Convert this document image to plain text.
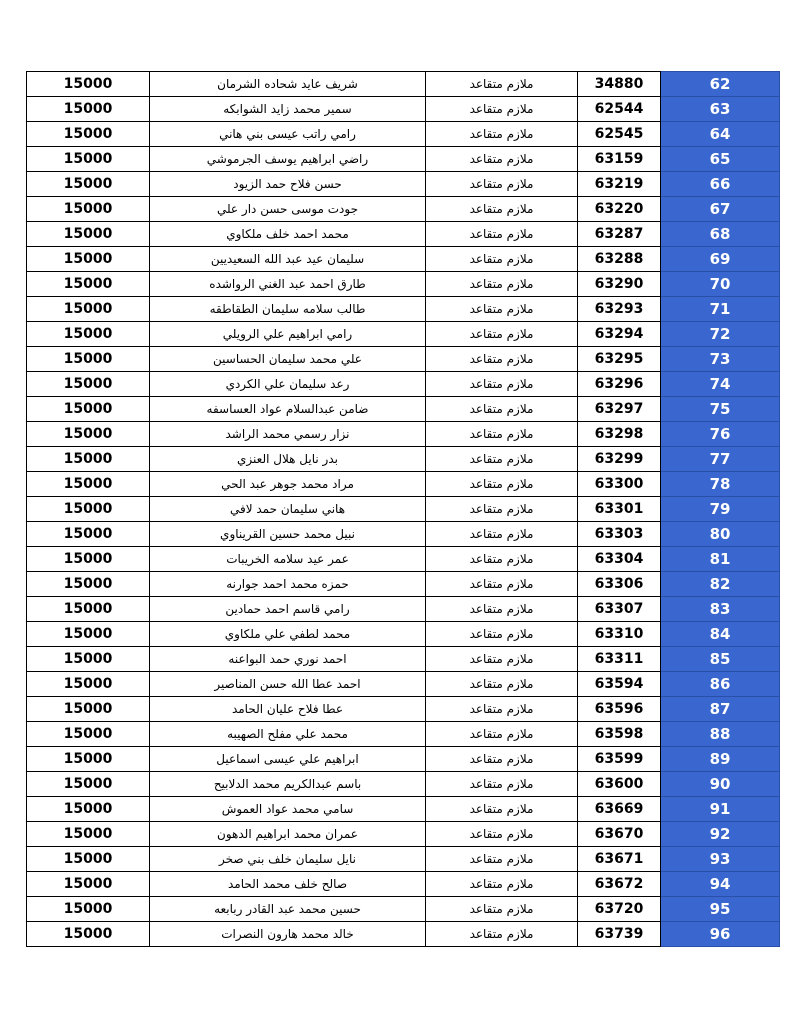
15000	شريف عايد شحاده الشرمان	ملازم متقاعد	34880	62
15000	سمير محمد زايد الشوابكه	ملازم متقاعد	62544	63
15000	رامي راتب عيسى بني هاني	ملازم متقاعد	62545	64
15000	راضي ابراهيم يوسف الجرموشي	ملازم متقاعد	63159	65
15000	حسن فلاح حمد الزيود	ملازم متقاعد	63219	66
15000	جودت موسى حسن دار علي	ملازم متقاعد	63220	67
15000	محمد احمد خلف ملكاوي	ملازم متقاعد	63287	68
15000	سليمان عيد عبد الله السعيديين	ملازم متقاعد	63288	69
15000	طارق احمد عبد الغني الرواشده	ملازم متقاعد	63290	70
15000	طالب سلامه سليمان الطقاطقه	ملازم متقاعد	63293	71
15000	رامي ابراهيم علي الرويلي	ملازم متقاعد	63294	72
15000	علي محمد سليمان الحساسين	ملازم متقاعد	63295	73
15000	رعد سليمان علي الكردي	ملازم متقاعد	63296	74
15000	ضامن عبدالسلام عواد العساسفه	ملازم متقاعد	63297	75
15000	نزار رسمي محمد الراشد	ملازم متقاعد	63298	76
15000	بدر نايل هلال العنزي	ملازم متقاعد	63299	77
15000	مراد محمد جوهر عبد الحي	ملازم متقاعد	63300	78
15000	هاني سليمان حمد لافي	ملازم متقاعد	63301	79
15000	نبيل محمد حسين القريناوي	ملازم متقاعد	63303	80
15000	عمر عيد سلامه الخريبات	ملازم متقاعد	63304	81
15000	حمزه محمد احمد جوارنه	ملازم متقاعد	63306	82
15000	رامي قاسم احمد حمادين	ملازم متقاعد	63307	83
15000	محمد لطفي علي ملكاوي	ملازم متقاعد	63310	84
15000	احمد نوري حمد البواعنه	ملازم متقاعد	63311	85
15000	احمد عطا الله حسن المناصير	ملازم متقاعد	63594	86
15000	عطا فلاح عليان الحامد	ملازم متقاعد	63596	87
15000	محمد علي مفلح الصهيبه	ملازم متقاعد	63598	88
15000	ابراهيم علي عيسى اسماعيل	ملازم متقاعد	63599	89
15000	باسم عبدالكريم محمد الدلابيح	ملازم متقاعد	63600	90
15000	سامي محمد عواد العموش	ملازم متقاعد	63669	91
15000	عمران محمد ابراهيم الدهون	ملازم متقاعد	63670	92
15000	نايل سليمان خلف بني صخر	ملازم متقاعد	63671	93
15000	صالح خلف محمد الحامد	ملازم متقاعد	63672	94
15000	حسين محمد عبد القادر ربابعه	ملازم متقاعد	63720	95
15000	خالد محمد هارون النصرات	ملازم متقاعد	63739	96
